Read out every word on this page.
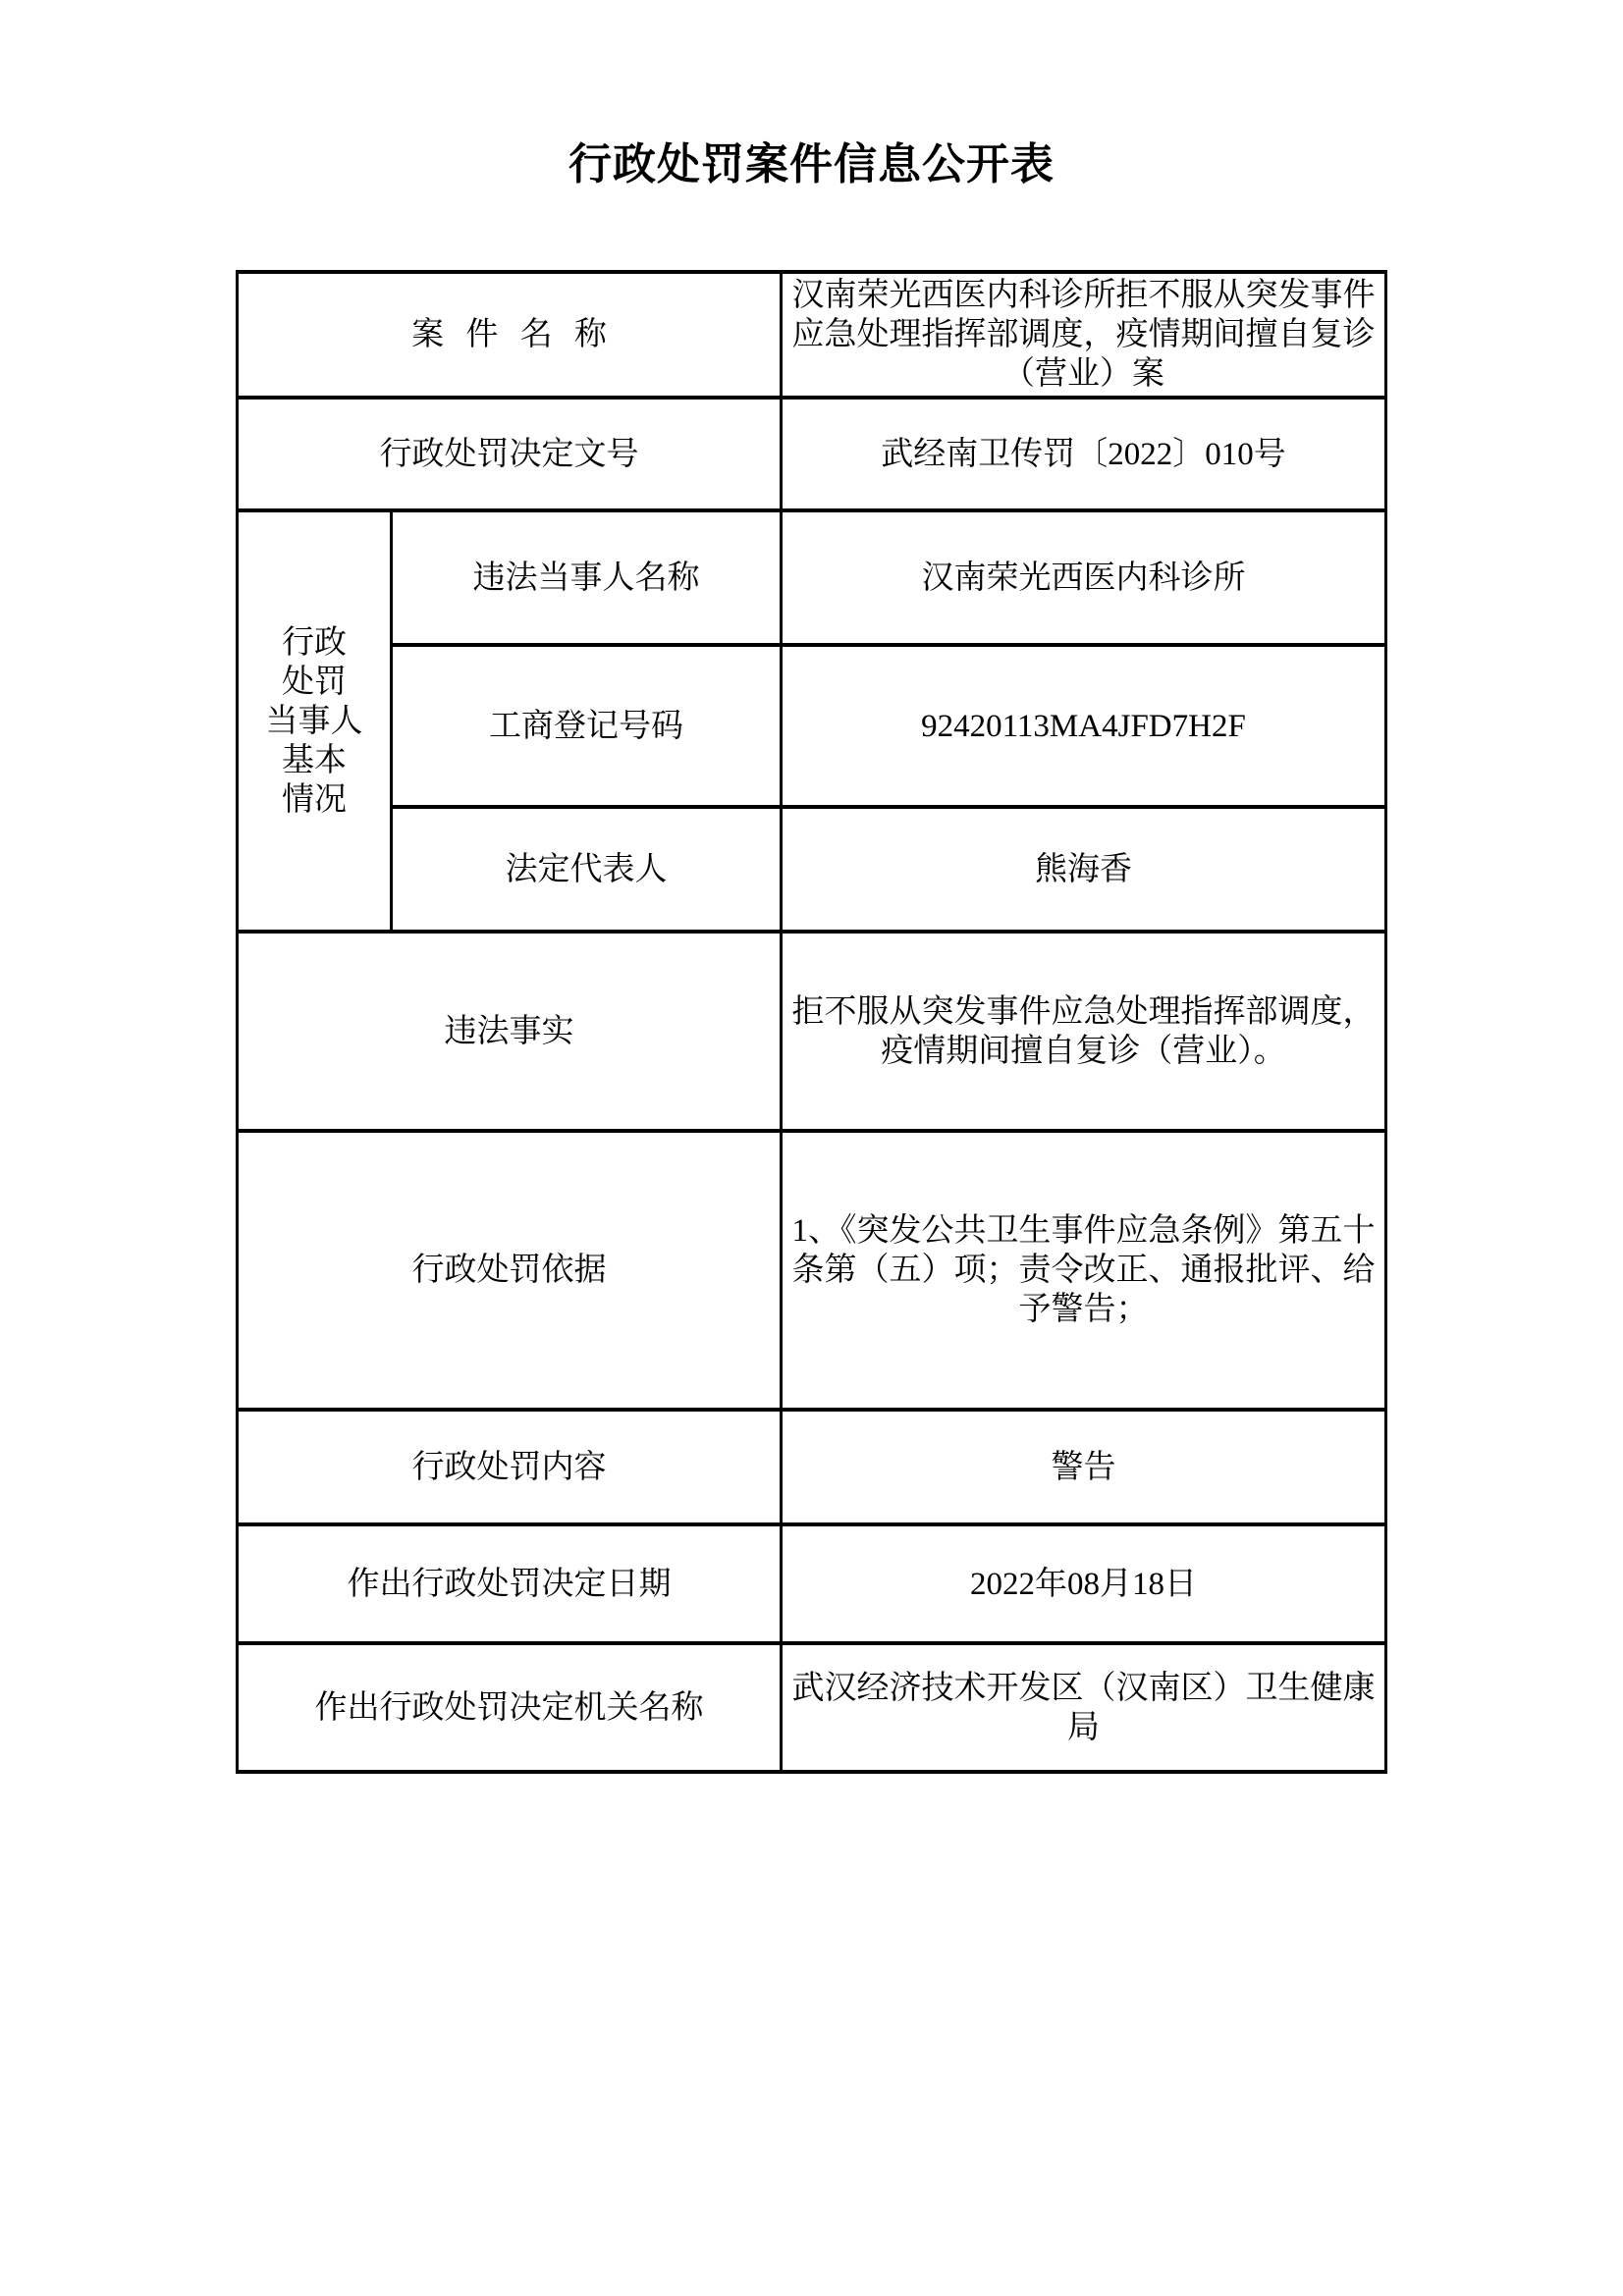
行政处罚案件信息公开表
案 件 名 称		汉南荣光西医内科诊所拒不服从突发事件应急处理指挥部调度，疫情期间擅自复诊（营业）案
行政处罚决定文号		武经南卫传罚〔2022〕010号

行政
处罚
当事人
基本
情况	违法当事人名称	汉南荣光西医内科诊所
	工商登记号码	92420113MA4JFD7H2F
	法定代表人	熊海香
违法事实		拒不服从突发事件应急处理指挥部调度，疫情期间擅自复诊（营业）。
行政处罚依据		1、《突发公共卫生事件应急条例》第五十条第（五）项；责令改正、通报批评、给予警告；
行政处罚内容		警告
作出行政处罚决定日期		2022年08月18日
作出行政处罚决定机关名称		武汉经济技术开发区（汉南区）卫生健康局
